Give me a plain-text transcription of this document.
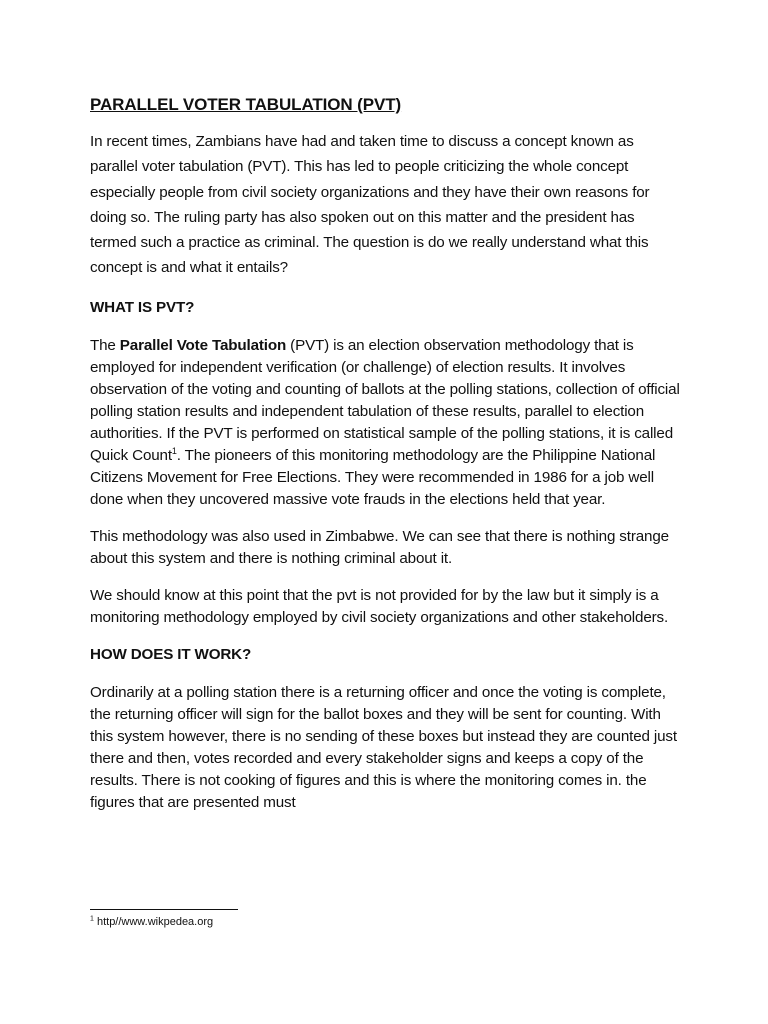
PARALLEL VOTER TABULATION (PVT)

In recent times, Zambians have had and taken time to discuss a concept known as parallel voter tabulation (PVT). This has led to people criticizing the whole concept especially people from civil society organizations and they have their own reasons for doing so. The ruling party has also spoken out on this matter and the president has termed such a practice as criminal. The question is do we really understand what this concept is and what it entails?

WHAT IS PVT?

The Parallel Vote Tabulation (PVT) is an election observation methodology that is employed for independent verification (or challenge) of election results. It involves observation of the voting and counting of ballots at the polling stations, collection of official polling station results and independent tabulation of these results, parallel to election authorities. If the PVT is performed on statistical sample of the polling stations, it is called Quick Count$^1$. The pioneers of this monitoring methodology are the Philippine National Citizens Movement for Free Elections. They were recommended in 1986 for a job well done when they uncovered massive vote frauds in the elections held that year.

This methodology was also used in Zimbabwe. We can see that there is nothing strange about this system and there is nothing criminal about it.

We should know at this point that the pvt is not provided for by the law but it simply is a monitoring methodology employed by civil society organizations and other stakeholders.

HOW DOES IT WORK?

Ordinarily at a polling station there is a returning officer and once the voting is complete, the returning officer will sign for the ballot boxes and they will be sent for counting. With this system however, there is no sending of these boxes but instead they are counted just there and then, votes recorded and every stakeholder signs and keeps a copy of the results. There is not cooking of figures and this is where the monitoring comes in. the figures that are presented must

$^1$ http//www.wikpedea.org
